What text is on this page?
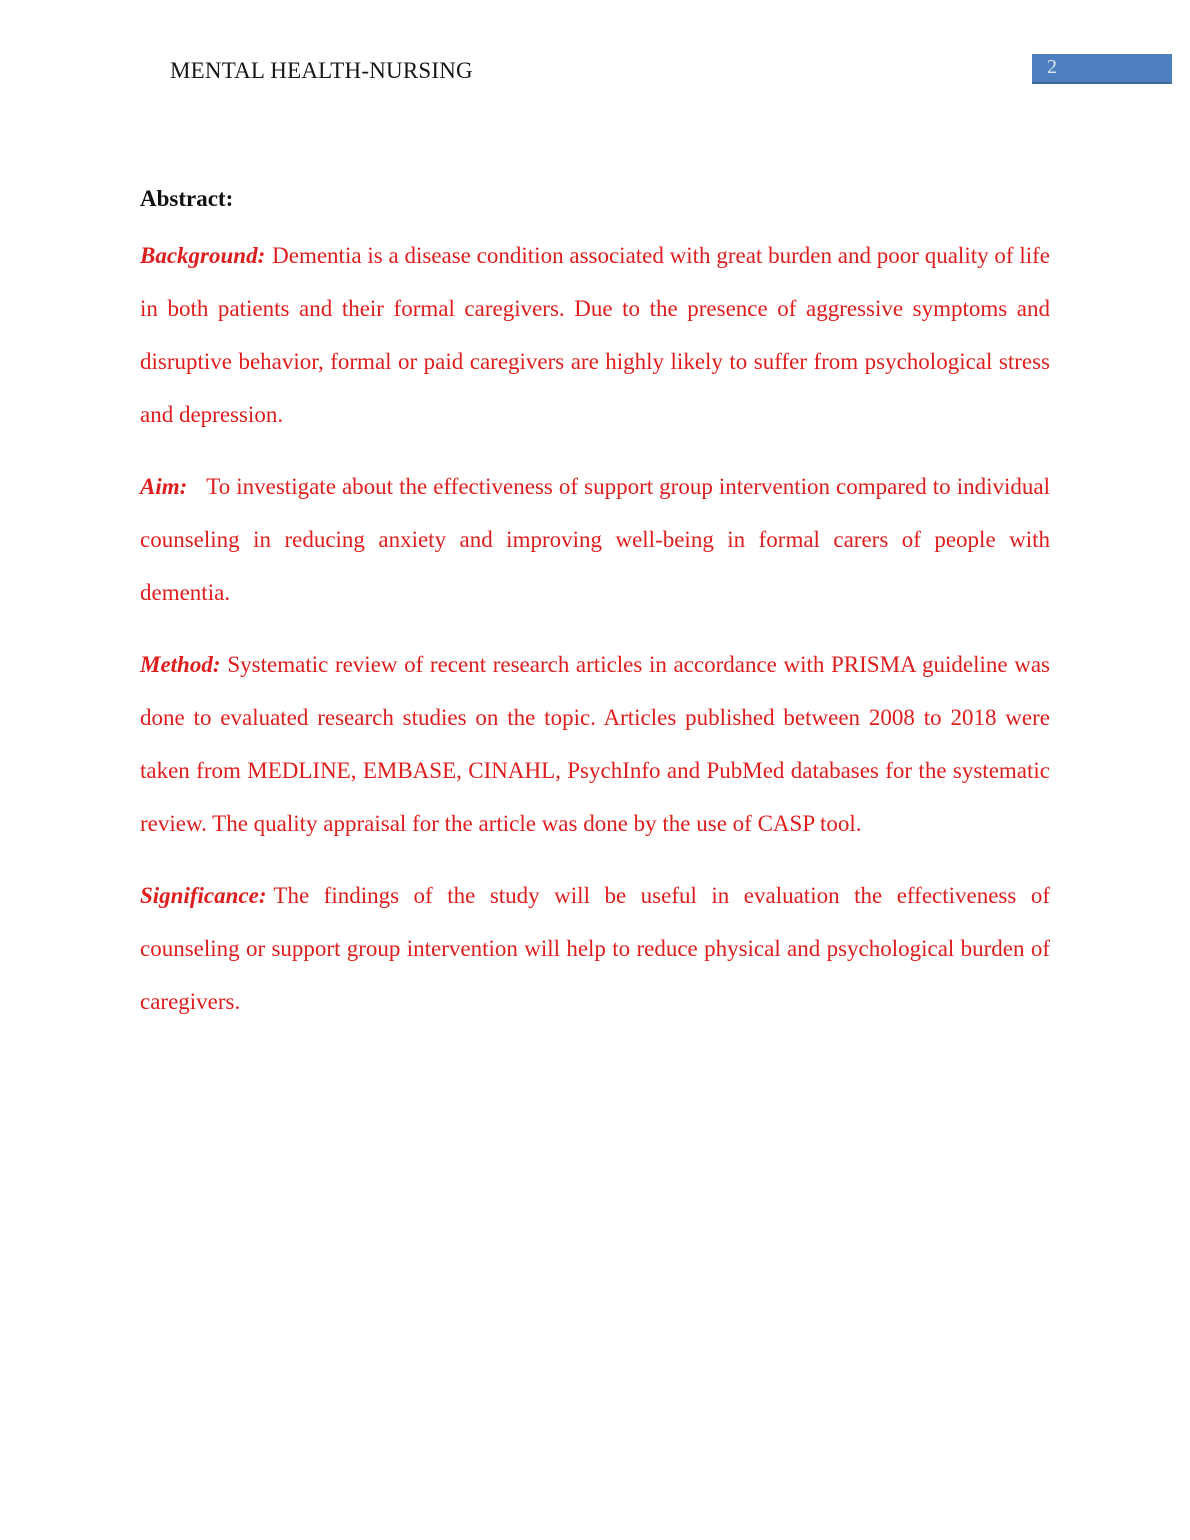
MENTAL HEALTH-NURSING	2
Abstract:

Background: Dementia is a disease condition associated with great burden and poor quality of life in both patients and their formal caregivers. Due to the presence of aggressive symptoms and disruptive behavior, formal or paid caregivers are highly likely to suffer from psychological stress and depression.

Aim:  To investigate about the effectiveness of support group intervention compared to individual counseling in reducing anxiety and improving well-being in formal carers of people with dementia.

Method: Systematic review of recent research articles in accordance with PRISMA guideline was done to evaluated research studies on the topic. Articles published between 2008 to 2018 were taken from MEDLINE, EMBASE, CINAHL, PsychInfo and PubMed databases for the systematic review. The quality appraisal for the article was done by the use of CASP tool.

Significance: The findings of the study will be useful in evaluation the effectiveness of counseling or support group intervention will help to reduce physical and psychological burden of caregivers.
